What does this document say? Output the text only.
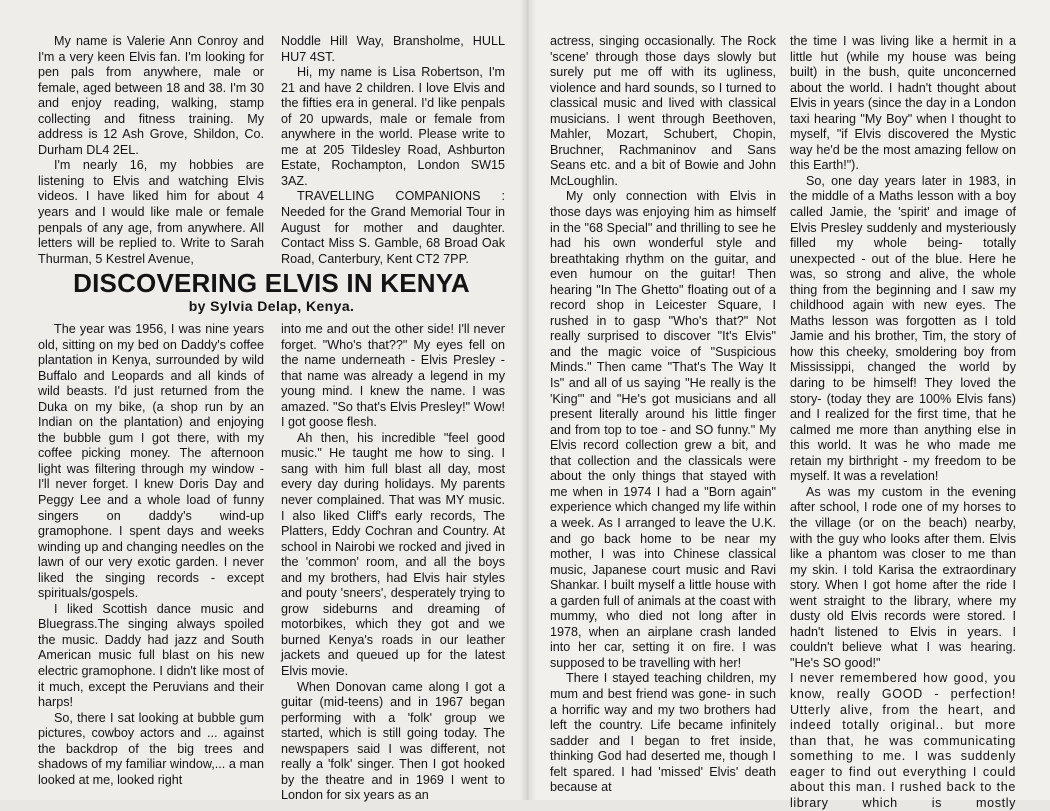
My name is Valerie Ann Conroy and I'm a very keen Elvis fan. I'm looking for pen pals from anywhere, male or female, aged between 18 and 38. I'm 30 and enjoy reading, walking, stamp collecting and fitness training. My address is 12 Ash Grove, Shildon, Co. Durham DL4 2EL.

I'm nearly 16, my hobbies are listening to Elvis and watching Elvis videos. I have liked him for about 4 years and I would like male or female penpals of any age, from anywhere. All letters will be replied to. Write to Sarah Thurman, 5 Kestrel Avenue,

Noddle Hill Way, Bransholme, HULL HU7 4ST.

Hi, my name is Lisa Robertson, I'm 21 and have 2 children. I love Elvis and the fifties era in general. I'd like penpals of 20 upwards, male or female from anywhere in the world. Please write to me at 205 Tildesley Road, Ashburton Estate, Rochampton, London SW15 3AZ.

TRAVELLING COMPANIONS : Needed for the Grand Memorial Tour in August for mother and daughter. Contact Miss S. Gamble, 68 Broad Oak Road, Canterbury, Kent CT2 7PP.

DISCOVERING ELVIS IN KENYA
by Sylvia Delap, Kenya.

The year was 1956, I was nine years old, sitting on my bed on Daddy's coffee plantation in Kenya, surrounded by wild Buffalo and Leopards and all kinds of wild beasts. I'd just returned from the Duka on my bike, (a shop run by an Indian on the plantation) and enjoying the bubble gum I got there, with my coffee picking money. The afternoon light was filtering through my window - I'll never forget. I knew Doris Day and Peggy Lee and a whole load of funny singers on daddy's wind-up gramophone. I spent days and weeks winding up and changing needles on the lawn of our very exotic garden. I never liked the singing records - except spirituals/gospels.

I liked Scottish dance music and Bluegrass.The singing always spoiled the music. Daddy had jazz and South American music full blast on his new electric gramophone. I didn't like most of it much, except the Peruvians and their harps!

So, there I sat looking at bubble gum pictures, cowboy actors and ... against the backdrop of the big trees and shadows of my familiar window,... a man looked at me, looked right

into me and out the other side! I'll never forget. "Who's that??" My eyes fell on the name underneath - Elvis Presley - that name was already a legend in my young mind. I knew the name. I was amazed. "So that's Elvis Presley!" Wow! I got goose flesh.

Ah then, his incredible "feel good music." He taught me how to sing. I sang with him full blast all day, most every day during holidays. My parents never complained. That was MY music. I also liked Cliff's early records, The Platters, Eddy Cochran and Country. At school in Nairobi we rocked and jived in the 'common' room, and all the boys and my brothers, had Elvis hair styles and pouty 'sneers', desperately trying to grow sideburns and dreaming of motorbikes, which they got and we burned Kenya's roads in our leather jackets and queued up for the latest Elvis movie.

When Donovan came along I got a guitar (mid-teens) and in 1967 began performing with a 'folk' group we started, which is still going today. The newspapers said I was different, not really a 'folk' singer. Then I got hooked by the theatre and in 1969 I went to London for six years as an

actress, singing occasionally. The Rock 'scene' through those days slowly but surely put me off with its ugliness, violence and hard sounds, so I turned to classical music and lived with classical musicians. I went through Beethoven, Mahler, Mozart, Schubert, Chopin, Bruchner, Rachmaninov and Sans Seans etc. and a bit of Bowie and John McLoughlin.

My only connection with Elvis in those days was enjoying him as himself in the "68 Special" and thrilling to see he had his own wonderful style and breathtaking rhythm on the guitar, and even humour on the guitar! Then hearing "In The Ghetto" floating out of a record shop in Leicester Square, I rushed in to gasp "Who's that?" Not really surprised to discover "It's Elvis" and the magic voice of "Suspicious Minds." Then came "That's The Way It Is" and all of us saying "He really is the 'King'" and "He's got musicians and all present literally around his little finger and from top to toe - and SO funny." My Elvis record collection grew a bit, and that collection and the classicals were about the only things that stayed with me when in 1974 I had a "Born again" experience which changed my life within a week. As I arranged to leave the U.K. and go back home to be near my mother, I was into Chinese classical music, Japanese court music and Ravi Shankar. I built myself a little house with a garden full of animals at the coast with mummy, who died not long after in 1978, when an airplane crash landed into her car, setting it on fire. I was supposed to be travelling with her!

There I stayed teaching children, my mum and best friend was gone- in such a horrific way and my two brothers had left the country. Life became infinitely sadder and I began to fret inside, thinking God had deserted me, though I felt spared. I had 'missed' Elvis' death because at

the time I was living like a hermit in a little hut (while my house was being built) in the bush, quite unconcerned about the world. I hadn't thought about Elvis in years (since the day in a London taxi hearing "My Boy" when I thought to myself, "if Elvis discovered the Mystic way he'd be the most amazing fellow on this Earth!").

So, one day years later in 1983, in the middle of a Maths lesson with a boy called Jamie, the 'spirit' and image of Elvis Presley suddenly and mysteriously filled my whole being- totally unexpected - out of the blue. Here he was, so strong and alive, the whole thing from the beginning and I saw my childhood again with new eyes. The Maths lesson was forgotten as I told Jamie and his brother, Tim, the story of how this cheeky, smoldering boy from Mississippi, changed the world by daring to be himself! They loved the story- (today they are 100% Elvis fans) and I realized for the first time, that he calmed me more than anything else in this world. It was he who made me retain my birthright - my freedom to be myself. It was a revelation!

As was my custom in the evening after school, I rode one of my horses to the village (or on the beach) nearby, with the guy who looks after them. Elvis like a phantom was closer to me than my skin. I told Karisa the extraordinary story. When I got home after the ride I went straight to the library, where my dusty old Elvis records were stored. I hadn't listened to Elvis in years. I couldn't believe what I was hearing. "He's SO good!"

I never remembered how good, you know, really GOOD - perfection! Utterly alive, from the heart, and indeed totally original.. but more than that, he was communicating something to me. I was suddenly eager to find out everything I could about this man. I rushed back to the library which is mostly
